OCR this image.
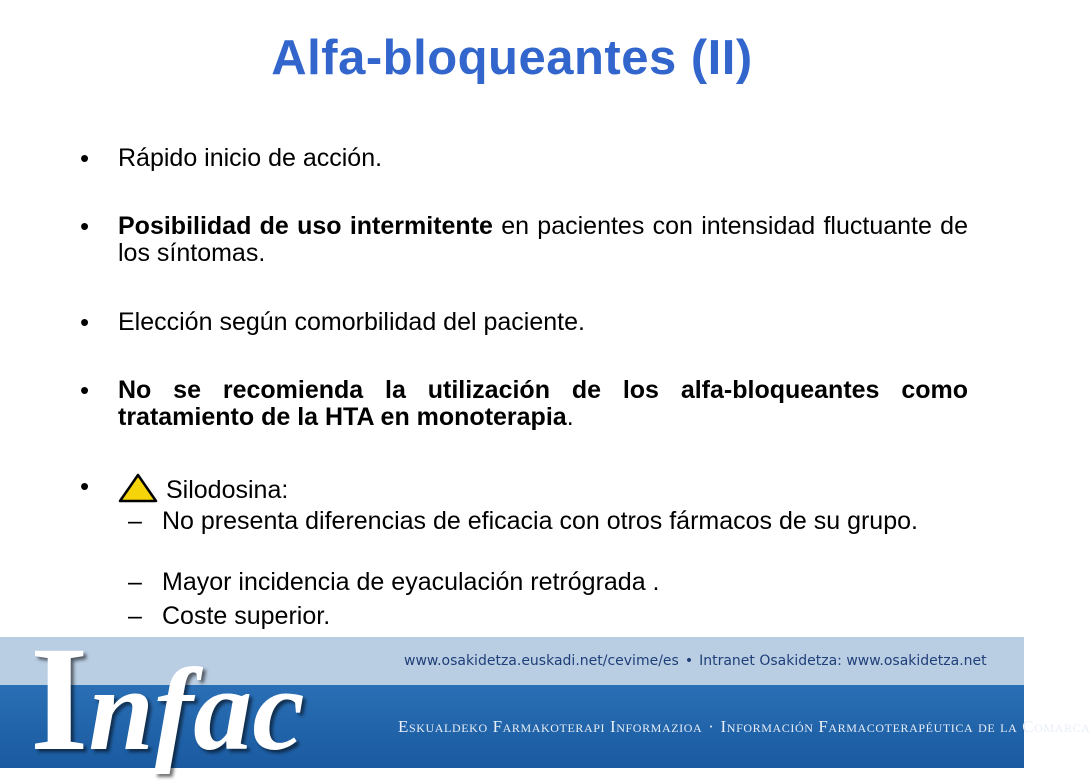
Alfa-bloqueantes (II)
• Rápido inicio de acción.
• Posibilidad de uso intermitente en pacientes con intensidad fluctuante de los síntomas.
• Elección según comorbilidad del paciente.
• No se recomienda la utilización de los alfa-bloqueantes como tratamiento de la HTA en monoterapia.
•	Silodosina:
– No presenta diferencias de eficacia con otros fármacos de su grupo.
– Mayor incidencia de eyaculación retrógrada .
– Coste superior.

www.osakidetza.euskadi.net/cevime/es • Intranet Osakidetza: www.osakidetza.net

Eskualdeko Farmakoterapi Informazioa · Información Farmacoterapéutica de la Comarca

Infac
